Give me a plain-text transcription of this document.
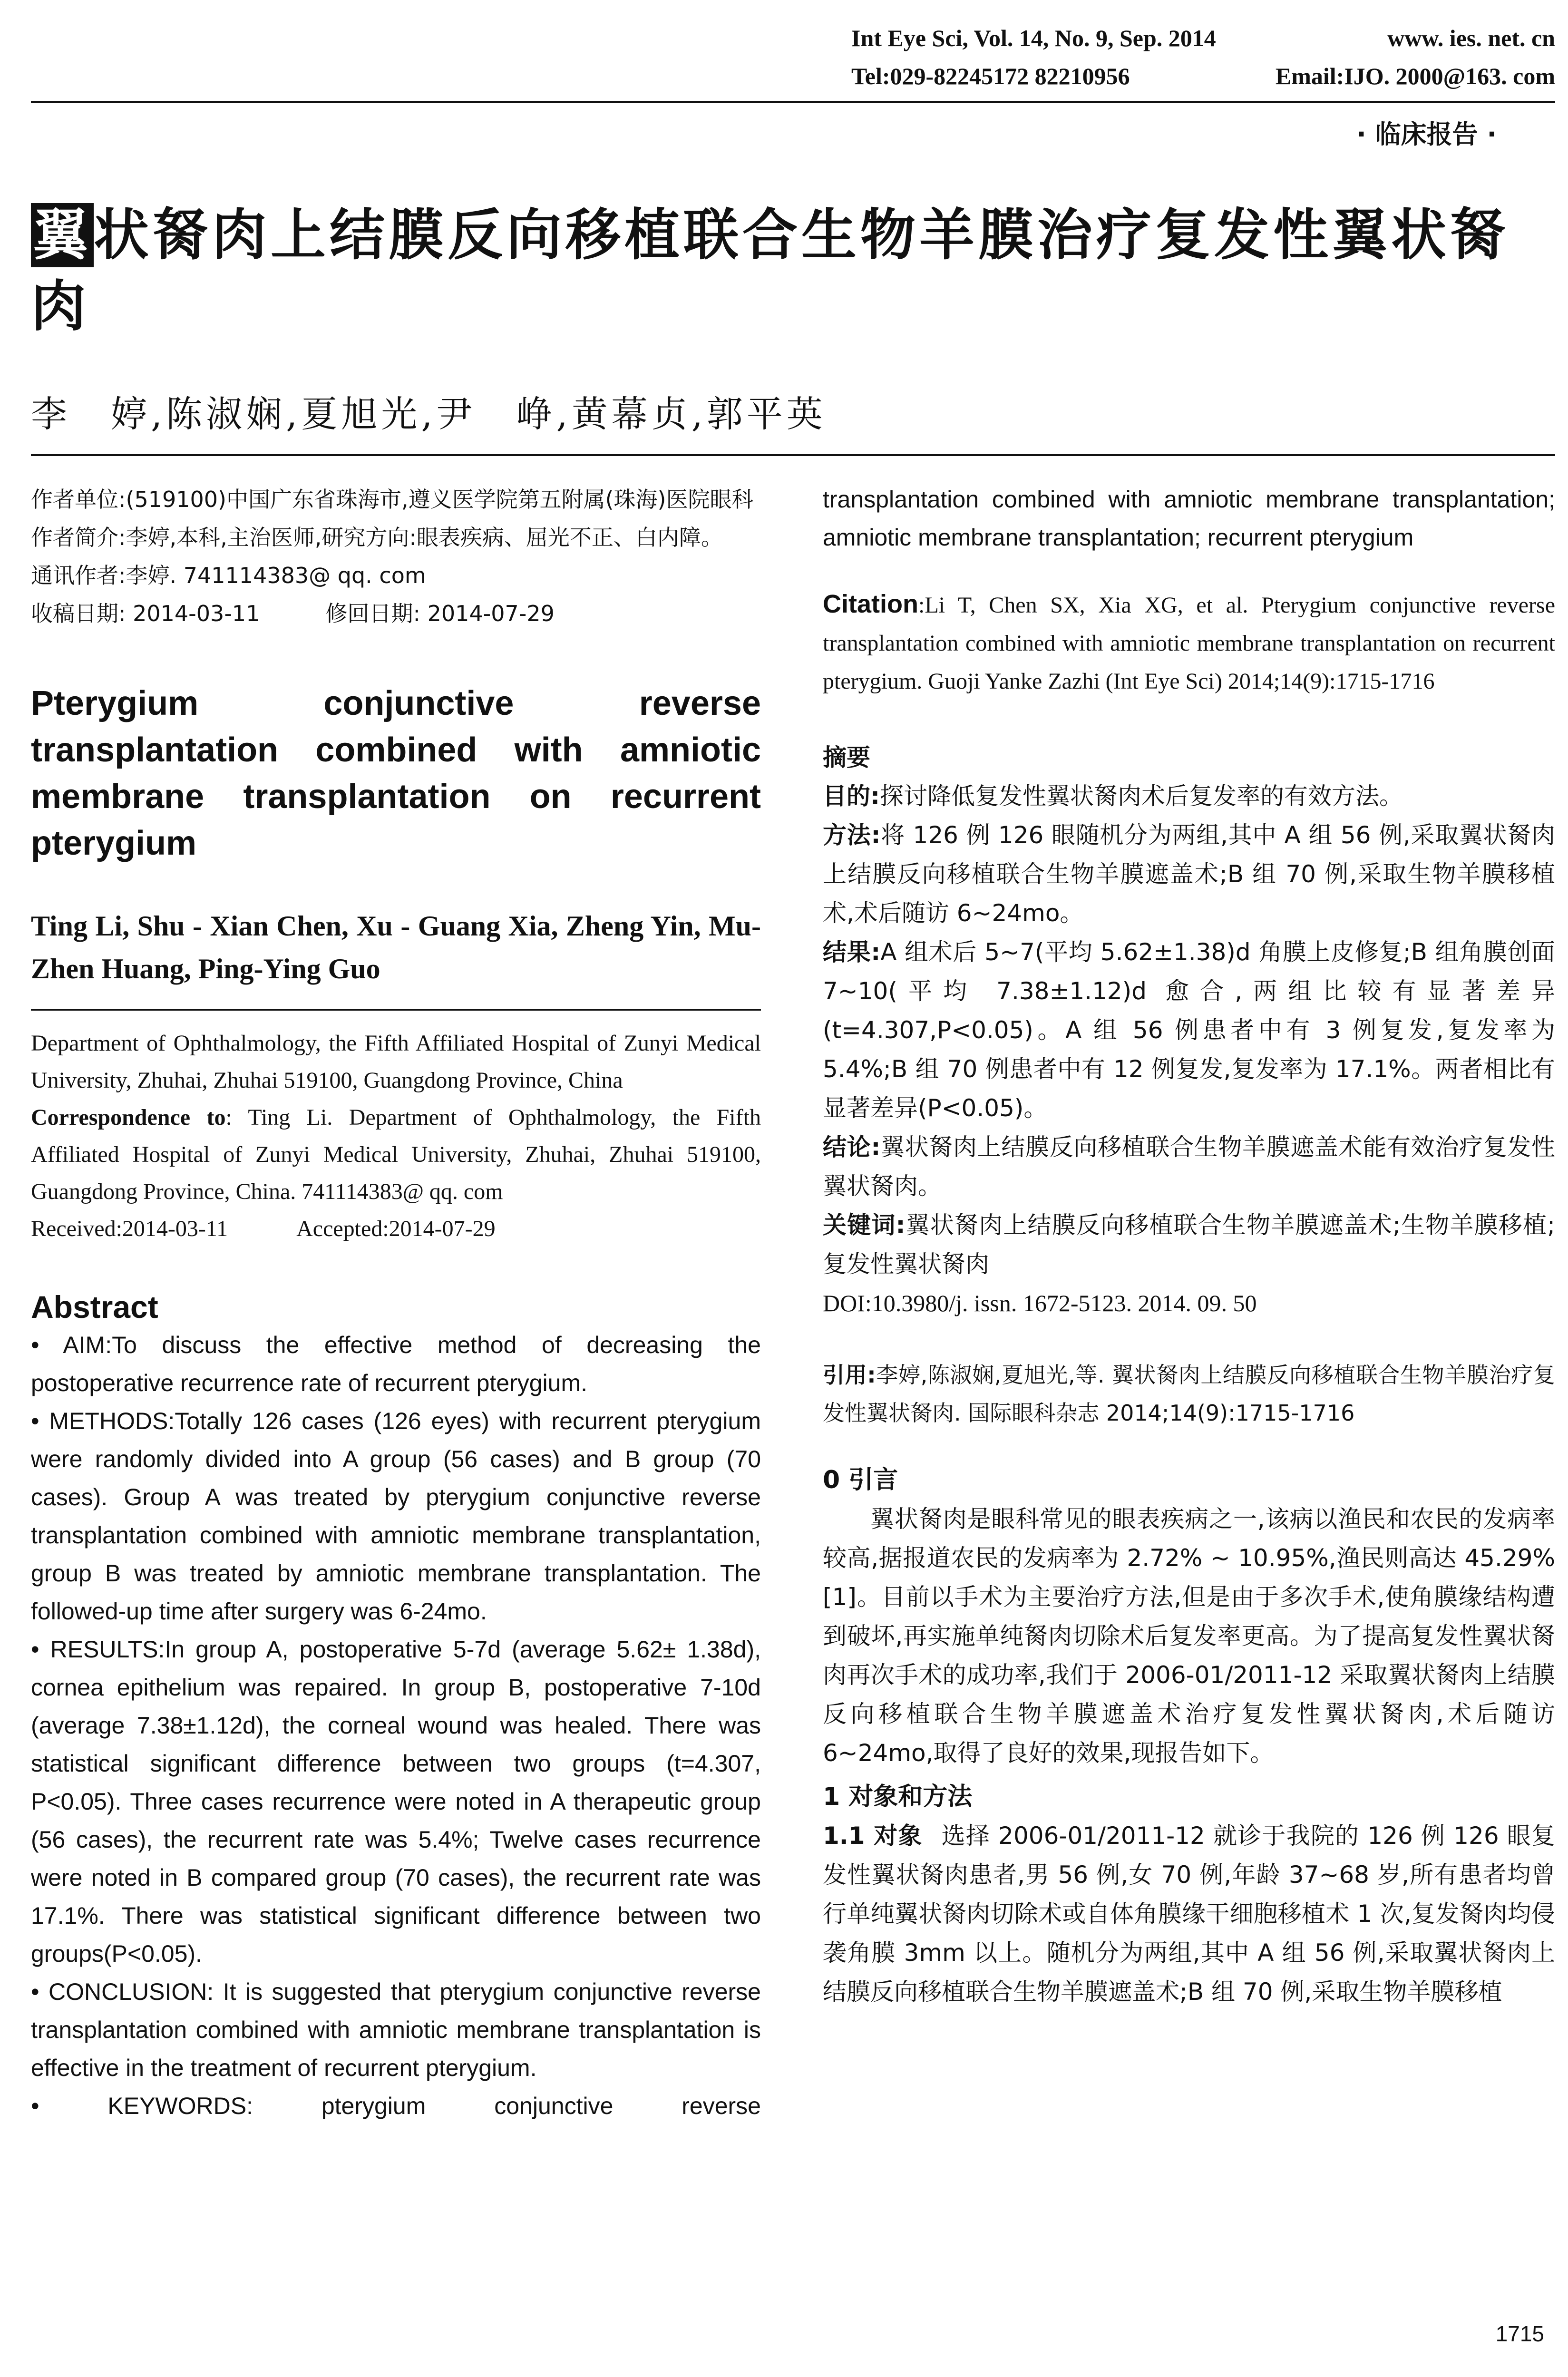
Int Eye Sci, Vol. 14, No. 9, Sep. 2014	www. ies. net. cn
Tel:029-82245172 82210956	Email:IJO. 2000@163. com
· 临床报告 ·
翼状胬肉上结膜反向移植联合生物羊膜治疗复发性翼状胬肉
李　婷,陈淑娴,夏旭光,尹　峥,黄幕贞,郭平英

作者单位:(519100)中国广东省珠海市,遵义医学院第五附属(珠海)医院眼科

作者简介:李婷,本科,主治医师,研究方向:眼表疾病、屈光不正、白内障。

通讯作者:李婷. 741114383@ qq. com

收稿日期: 2014-03-11　　　修回日期: 2014-07-29

Pterygium conjunctive reverse transplantation combined with amniotic membrane transplantation on recurrent pterygium
Ting Li, Shu - Xian Chen, Xu - Guang Xia, Zheng Yin, Mu-Zhen Huang, Ping-Ying Guo

Department of Ophthalmology, the Fifth Affiliated Hospital of Zunyi Medical University, Zhuhai, Zhuhai 519100, Guangdong Province, China

Correspondence to: Ting Li. Department of Ophthalmology, the Fifth Affiliated Hospital of Zunyi Medical University, Zhuhai, Zhuhai 519100, Guangdong Province, China. 741114383@ qq. com

Received:2014-03-11　　　Accepted:2014-07-29

Abstract

• AIM:To discuss the effective method of decreasing the postoperative recurrence rate of recurrent pterygium.

• METHODS:Totally 126 cases (126 eyes) with recurrent pterygium were randomly divided into A group (56 cases) and B group (70 cases). Group A was treated by pterygium conjunctive reverse transplantation combined with amniotic membrane transplantation, group B was treated by amniotic membrane transplantation. The followed-up time after surgery was 6-24mo.

• RESULTS:In group A, postoperative 5-7d (average 5.62± 1.38d), cornea epithelium was repaired. In group B, postoperative 7-10d (average 7.38±1.12d), the corneal wound was healed. There was statistical significant difference between two groups (t=4.307, P<0.05). Three cases recurrence were noted in A therapeutic group (56 cases), the recurrent rate was 5.4%; Twelve cases recurrence were noted in B compared group (70 cases), the recurrent rate was 17.1%. There was statistical significant difference between two groups(P<0.05).

• CONCLUSION: It is suggested that pterygium conjunctive reverse transplantation combined with amniotic membrane transplantation is effective in the treatment of recurrent pterygium.

• KEYWORDS: pterygium conjunctive reverse

transplantation combined with amniotic membrane transplantation; amniotic membrane transplantation; recurrent pterygium
Citation:Li T, Chen SX, Xia XG, et al. Pterygium conjunctive reverse transplantation combined with amniotic membrane transplantation on recurrent pterygium. Guoji Yanke Zazhi (Int Eye Sci) 2014;14(9):1715-1716
摘要

目的:探讨降低复发性翼状胬肉术后复发率的有效方法。

方法:将 126 例 126 眼随机分为两组,其中 A 组 56 例,采取翼状胬肉上结膜反向移植联合生物羊膜遮盖术;B 组 70 例,采取生物羊膜移植术,术后随访 6~24mo。

结果:A 组术后 5~7(平均 5.62±1.38)d 角膜上皮修复;B 组角膜创面 7~10(平均 7.38±1.12)d 愈合,两组比较有显著差异(t=4.307,P<0.05)。A 组 56 例患者中有 3 例复发,复发率为 5.4%;B 组 70 例患者中有 12 例复发,复发率为 17.1%。两者相比有显著差异(P<0.05)。

结论:翼状胬肉上结膜反向移植联合生物羊膜遮盖术能有效治疗复发性翼状胬肉。

关键词:翼状胬肉上结膜反向移植联合生物羊膜遮盖术;生物羊膜移植;复发性翼状胬肉

DOI:10.3980/j. issn. 1672-5123. 2014. 09. 50

引用:李婷,陈淑娴,夏旭光,等. 翼状胬肉上结膜反向移植联合生物羊膜治疗复发性翼状胬肉. 国际眼科杂志 2014;14(9):1715-1716
0 引言

翼状胬肉是眼科常见的眼表疾病之一,该病以渔民和农民的发病率较高,据报道农民的发病率为 2.72% ~ 10.95%,渔民则高达 45.29%[1]。目前以手术为主要治疗方法,但是由于多次手术,使角膜缘结构遭到破坏,再实施单纯胬肉切除术后复发率更高。为了提高复发性翼状胬肉再次手术的成功率,我们于 2006-01/2011-12 采取翼状胬肉上结膜反向移植联合生物羊膜遮盖术治疗复发性翼状胬肉,术后随访 6~24mo,取得了良好的效果,现报告如下。

1 对象和方法

1.1 对象 选择 2006-01/2011-12 就诊于我院的 126 例 126 眼复发性翼状胬肉患者,男 56 例,女 70 例,年龄 37~68 岁,所有患者均曾行单纯翼状胬肉切除术或自体角膜缘干细胞移植术 1 次,复发胬肉均侵袭角膜 3mm 以上。随机分为两组,其中 A 组 56 例,采取翼状胬肉上结膜反向移植联合生物羊膜遮盖术;B 组 70 例,采取生物羊膜移植

1715
